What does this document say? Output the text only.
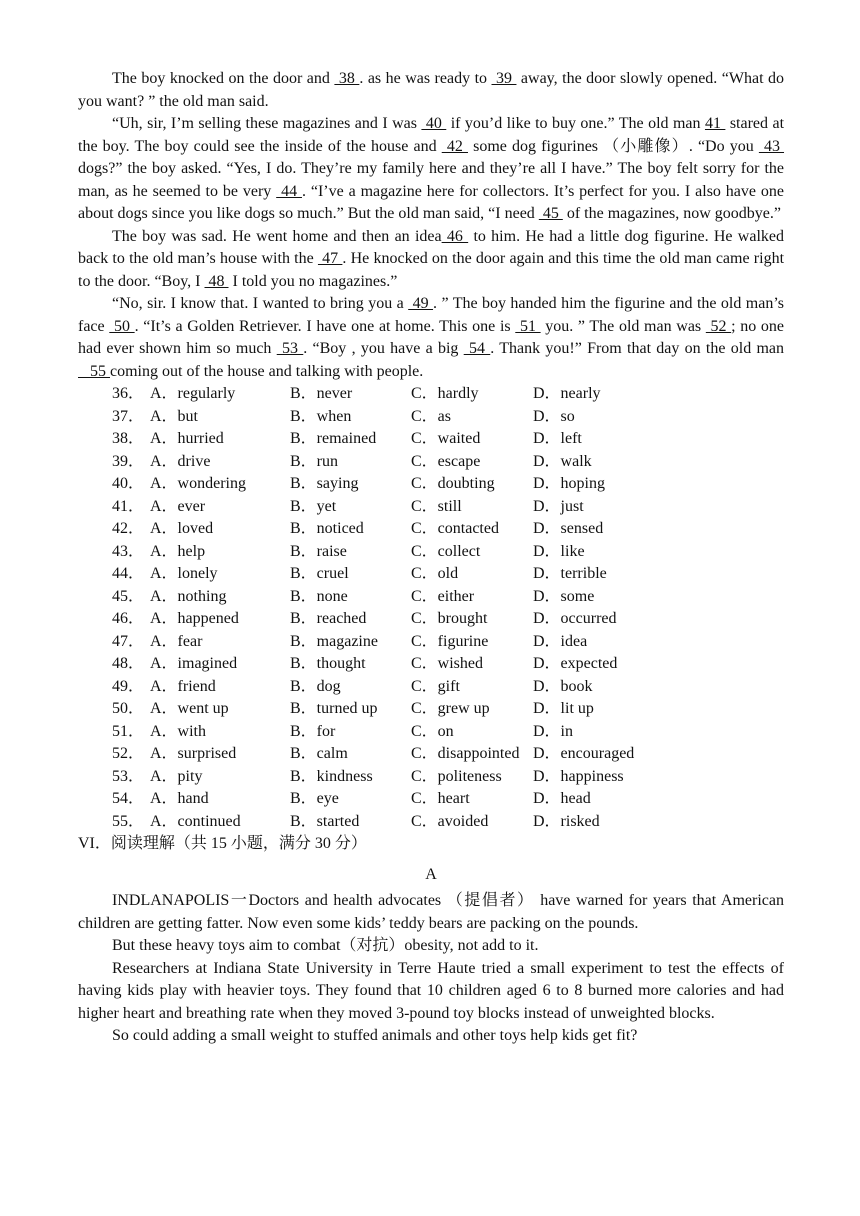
The boy knocked on the door and  38 . as he was ready to  39  away, the door slowly opened. “What do you want? ” the old man said.

“Uh, sir, I’m selling these magazines and I was  40  if you’d like to buy one.” The old man 41  stared at the boy. The boy could see the inside of the house and  42  some dog figurines （小雕像）. “Do you  43  dogs?” the boy asked. “Yes, I do. They’re my family here and they’re all I have.” The boy felt sorry for the man, as he seemed to be very  44 . “I’ve a magazine here for collectors. It’s perfect for you. I also have one about dogs since you like dogs so much.” But the old man said, “I need  45  of the magazines, now goodbye.”

The boy was sad. He went home and then an idea 46  to him. He had a little dog figurine. He walked back to the old man’s house with the  47 . He knocked on the door again and this time the old man came right to the door. “Boy, I  48  I told you no magazines.”

“No, sir. I know that. I wanted to bring you a  49 . ” The boy handed him the figurine and the old man’s face  50 . “It’s a Golden Retriever. I have one at home. This one is  51  you. ” The old man was  52 ; no one had ever shown him so much  53 . “Boy , you have a big  54 . Thank you!” From that day on the old man    55 coming out of the house and talking with people.

36． A．regularly	B．never	C．hardly	D．nearly
37． A．but	B．when	C．as	D．so
38． A．hurried	B．remained C．waited	D．left
39． A．drive	B．run	C．escape	D．walk
40． A．wondering	B．saying	C．doubting D．hoping
41． A．ever	B．yet	C．still	D．just
42． A．loved	B．noticed	C．contacted D．sensed
43． A．help	B．raise	C．collect	D．like
44． A．lonely	B．cruel	C．old	D．terrible
45． A．nothing	B．none	C．either	D．some
46． A．happened	B．reached	C．brought	D．occurred
47． A．fear	B．magazine C．figurine	D．idea
48． A．imagined	B．thought	C．wished	D．expected
49． A．friend	B．dog	C．gift	D．book
50． A．went up	B．turned up C．grew up	D．lit up
51． A．with	B．for	C．on	D．in
52． A．surprised	B．calm	C．disappointed D．encouraged
53． A．pity	B．kindness C．politeness D．happiness
54． A．hand	B．eye	C．heart	D．head
55． A．continued	B．started	C．avoided	D．risked
VI．阅读理解（共 15 小题，满分 30 分）
A

INDLANAPOLIS一Doctors and health advocates （提倡者） have warned for years that American children are getting fatter. Now even some kids’ teddy bears are packing on the pounds.

But these heavy toys aim to combat（对抗）obesity, not add to it.

Researchers at Indiana State University in Terre Haute tried a small experiment to test the effects of having kids play with heavier toys. They found that 10 children aged 6 to 8 burned more calories and had higher heart and breathing rate when they moved 3-pound toy blocks instead of unweighted blocks.

So could adding a small weight to stuffed animals and other toys help kids get fit?
